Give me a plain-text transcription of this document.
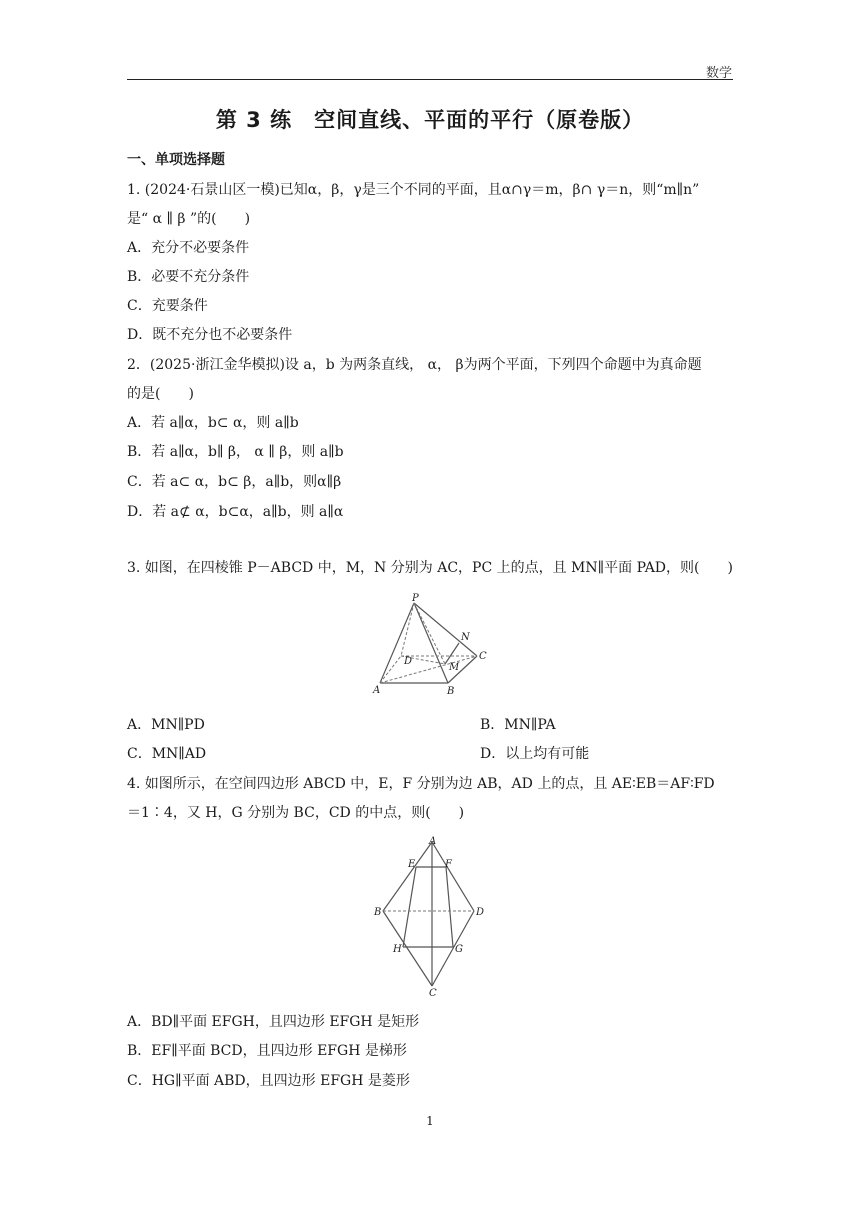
数学
第 3 练　空间直线、平面的平行（原卷版）
一、单项选择题
1. (2024·石景山区一模)已知α，β，γ是三个不同的平面，且α∩γ＝m，β∩ γ＝n，则“m∥n”
是“ α ∥ β ”的(　　)
A．充分不必要条件
B．必要不充分条件
C．充要条件
D．既不充分也不必要条件
2．(2025·浙江金华模拟)设 a，b 为两条直线， α， β为两个平面，下列四个命题中为真命题
的是(　　)
A．若 a∥α，b⊂ α，则 a∥b
B．若 a∥α，b∥ β， α ∥ β，则 a∥b
C．若 a⊂ α，b⊂ β，a∥b，则α∥β
D．若 a⊄ α，b⊂α，a∥b，则 a∥α
3. 如图，在四棱锥 P－ABCD 中，M，N 分别为 AC，PC 上的点，且 MN∥平面 PAD，则(　　)
P
N
D
M
C
A	B
A．MN∥PD	B．MN∥PA
C．MN∥AD	D．以上均有可能
4. 如图所示，在空间四边形 ABCD 中，E，F 分别为边 AB，AD 上的点，且 AE∶EB＝AF∶FD
＝1∶4，又 H，G 分别为 BC，CD 的中点，则(　　)
A
E	F
B	D
H	G
C
A．BD∥平面 EFGH，且四边形 EFGH 是矩形
B．EF∥平面 BCD，且四边形 EFGH 是梯形
C．HG∥平面 ABD，且四边形 EFGH 是菱形
1
